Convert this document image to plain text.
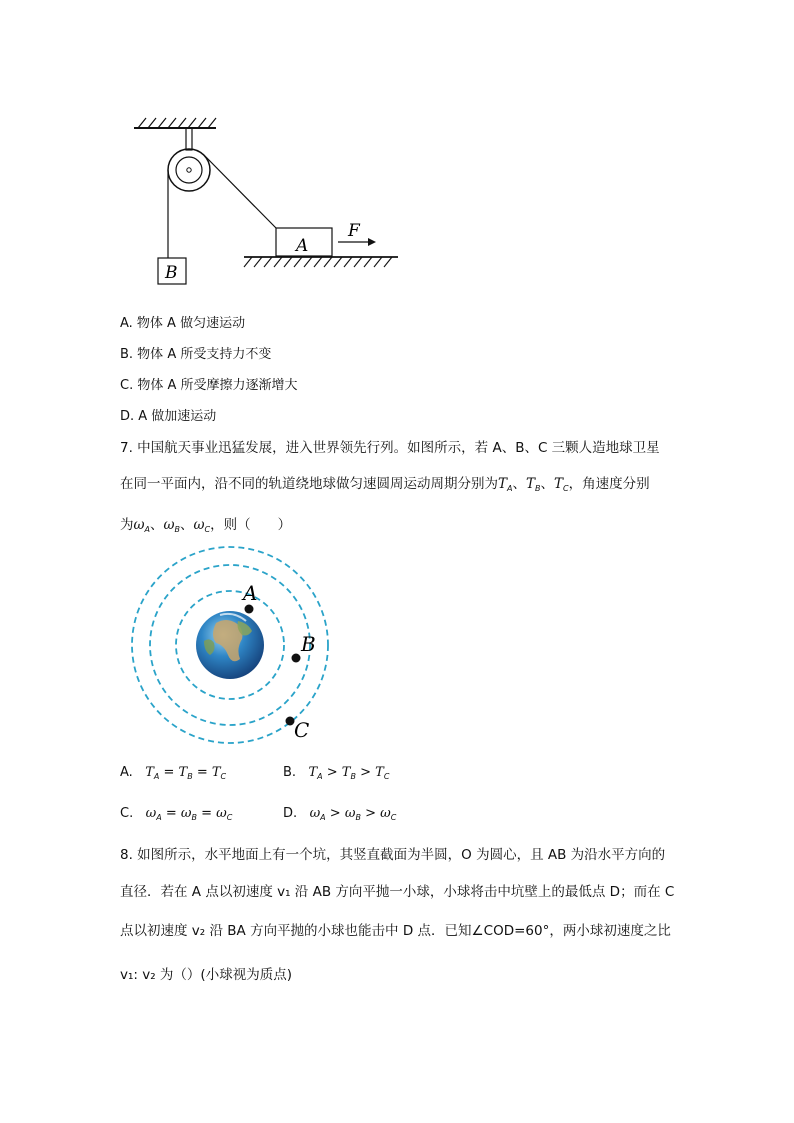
B
A
F
A. 物体 A 做匀速运动
B. 物体 A 所受支持力不变
C. 物体 A 所受摩擦力逐渐增大
D. A 做加速运动
7. 中国航天事业迅猛发展，进入世界领先行列。如图所示，若 A、B、C 三颗人造地球卫星
在同一平面内，沿不同的轨道绕地球做匀速圆周运动周期分别为$T_A$、$T_B$、$T_C$，角速度分别
为$\omega_A$、$\omega_B$、$\omega_C$，则（　　）
A
B
C
A. $T_A = T_B = T_C$	B. $T_A > T_B > T_C$
C. $\omega_A = \omega_B = \omega_C$	D. $\omega_A > \omega_B > \omega_C$
8. 如图所示，水平地面上有一个坑，其竖直截面为半圆，O 为圆心，且 AB 为沿水平方向的
直径．若在 A 点以初速度 v₁ 沿 AB 方向平抛一小球，小球将击中坑壁上的最低点 D；而在 C
点以初速度 v₂ 沿 BA 方向平抛的小球也能击中 D 点．已知∠COD=60°，两小球初速度之比
v₁: v₂ 为（）(小球视为质点)
